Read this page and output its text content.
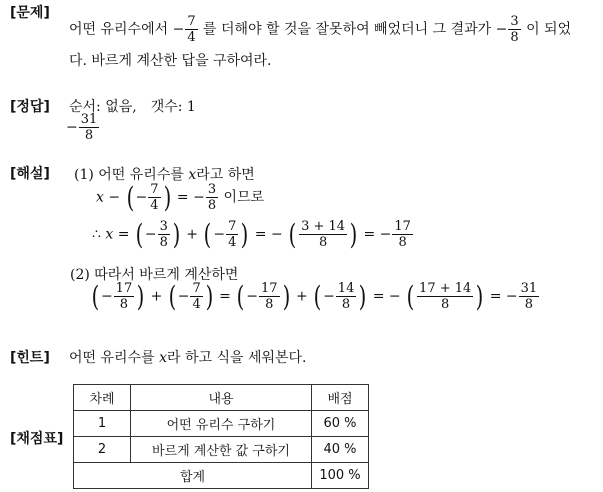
[문제]
어떤 유리수에서 − $\frac{7}{4}$ 를 더해야 할 것을 잘못하여 빼었더니 그 결과가 − $\frac{3}{8}$ 이 되었
다. 바르게 계산한 답을 구하여라.
[정답] 순서: 없음,　갯수: 1
− $\frac{31}{8}$
[해설] (1) 어떤 유리수를 x라고 하면
x − ( − $\frac{7}{4}$ ) = − $\frac{3}{8}$ 이므로
∴ x = ( − $\frac{3}{8}$ ) + ( − $\frac{7}{4}$ ) = − ( $\frac{3 + 14}{8}$ ) = − $\frac{17}{8}$
(2) 따라서 바르게 계산하면
( − $\frac{17}{8}$ ) + ( − $\frac{7}{4}$ ) = ( − $\frac{17}{8}$ ) + ( − $\frac{14}{8}$ ) = − ( $\frac{17 + 14}{8}$ ) = − $\frac{31}{8}$
[힌트] 어떤 유리수를 x라 하고 식을 세워본다.
[채점표]
차례	내용	배점
1	어떤 유리수 구하기	60 %
2	바르게 계산한 값 구하기	40 %
합계		100 %
